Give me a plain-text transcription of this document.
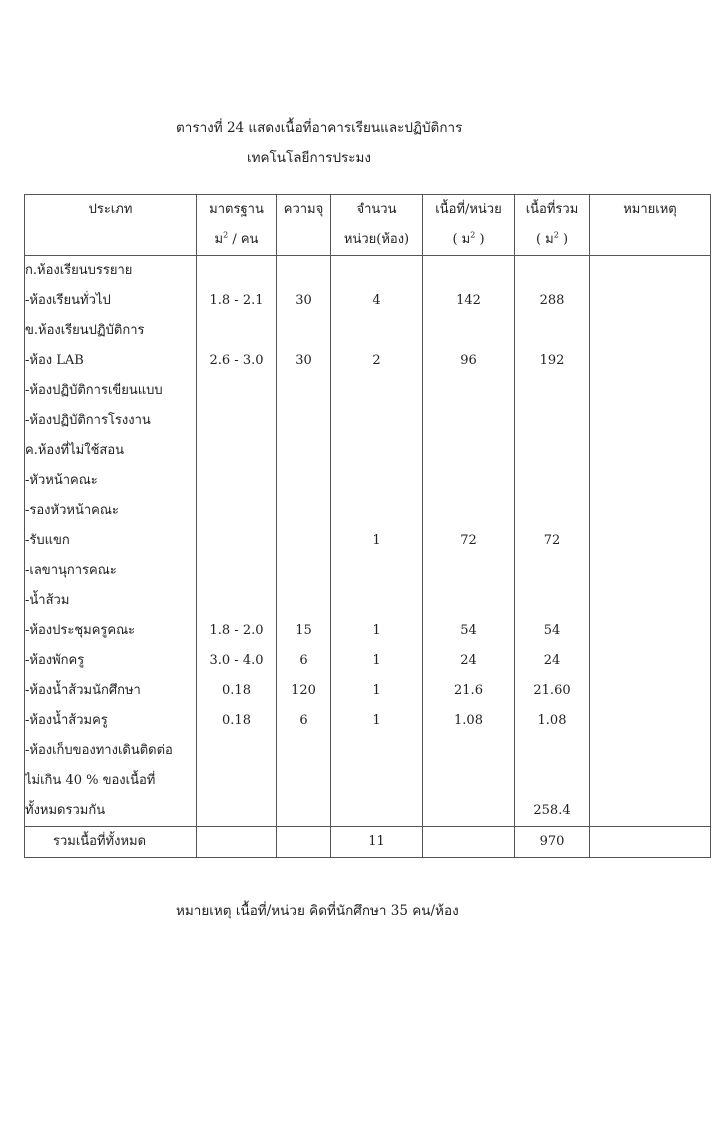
ตารางที่ 24 แสดงเนื้อที่อาคารเรียนและปฏิบัติการ
เทคโนโลยีการประมง
ประเภท	มาตรฐาน	ความจุ	จำนวน	เนื้อที่/หน่วย	เนื้อที่รวม	หมายเหตุ
	ม$^2$ / คน		หน่วย(ห้อง)	( ม$^2$ )	( ม$^2$ )	
ก.ห้องเรียนบรรยาย						
-ห้องเรียนทั่วไป	1.8 - 2.1	30	4	142	288	
ข.ห้องเรียนปฏิบัติการ						
-ห้อง LAB	2.6 - 3.0	30	2	96	192	
-ห้องปฏิบัติการเขียนแบบ						
-ห้องปฏิบัติการโรงงาน						
ค.ห้องที่ไม่ใช้สอน						
-หัวหน้าคณะ						
-รองหัวหน้าคณะ						
-รับแขก			1	72	72	
-เลขานุการคณะ						
-น้ำส้วม						
-ห้องประชุมครูคณะ	1.8 - 2.0	15	1	54	54	
-ห้องพักครู	3.0 - 4.0	6	1	24	24	
-ห้องน้ำส้วมนักศึกษา	0.18	120	1	21.6	21.60	
-ห้องน้ำส้วมครู	0.18	6	1	1.08	1.08	
-ห้องเก็บของทางเดินติดต่อ						
ไม่เกิน 40 % ของเนื้อที่						
ทั้งหมดรวมกัน					258.4	
รวมเนื้อที่ทั้งหมด			11		970	
หมายเหตุ เนื้อที่/หน่วย คิดที่นักศึกษา 35 คน/ห้อง
